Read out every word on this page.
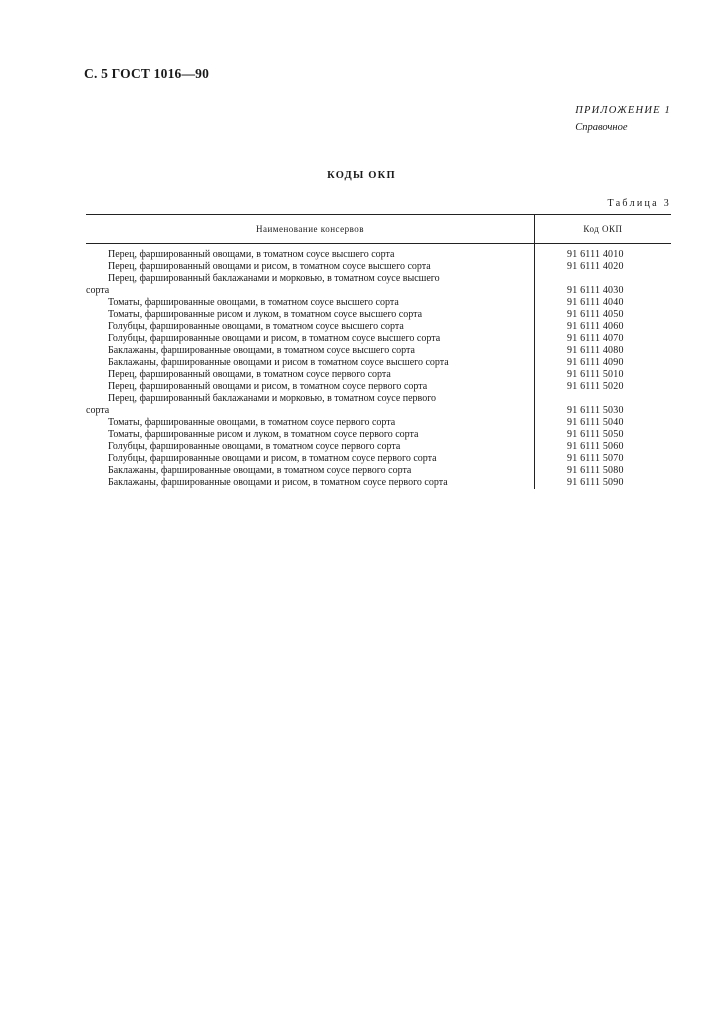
С. 5 ГОСТ 1016—90
ПРИЛОЖЕНИЕ 1
Справочное
КОДЫ ОКП
Таблица 3
Наименование консервов	Код ОКП
Перец, фаршированный овощами, в томатном соусе высшего сорта	91 6111 4010
Перец, фаршированный овощами и рисом, в томатном соусе высшего сорта	91 6111 4020
Перец, фаршированный баклажанами и морковью, в томатном соусе высшего
сорта	91 6111 4030
Томаты, фаршированные овощами, в томатном соусе высшего сорта	91 6111 4040
Томаты, фаршированные рисом и луком, в томатном соусе высшего сорта	91 6111 4050
Голубцы, фаршированные овощами, в томатном соусе высшего сорта	91 6111 4060
Голубцы, фаршированные овощами и рисом, в томатном соусе высшего сорта	91 6111 4070
Баклажаны, фаршированные овощами, в томатном соусе высшего сорта	91 6111 4080
Баклажаны, фаршированные овощами и рисом в томатном соусе высшего сорта	91 6111 4090
Перец, фаршированный овощами, в томатном соусе первого сорта	91 6111 5010
Перец, фаршированный овощами и рисом, в томатном соусе первого сорта	91 6111 5020
Перец, фаршированный баклажанами и морковью, в томатном соусе первого
сорта	91 6111 5030
Томаты, фаршированные овощами, в томатном соусе первого сорта	91 6111 5040
Томаты, фаршированные рисом и луком, в томатном соусе первого сорта	91 6111 5050
Голубцы, фаршированные овощами, в томатном соусе первого сорта	91 6111 5060
Голубцы, фаршированные овощами и рисом, в томатном соусе первого сорта	91 6111 5070
Баклажаны, фаршированные овощами, в томатном соусе первого сорта	91 6111 5080
Баклажаны, фаршированные овощами и рисом, в томатном соусе первого сорта	91 6111 5090
